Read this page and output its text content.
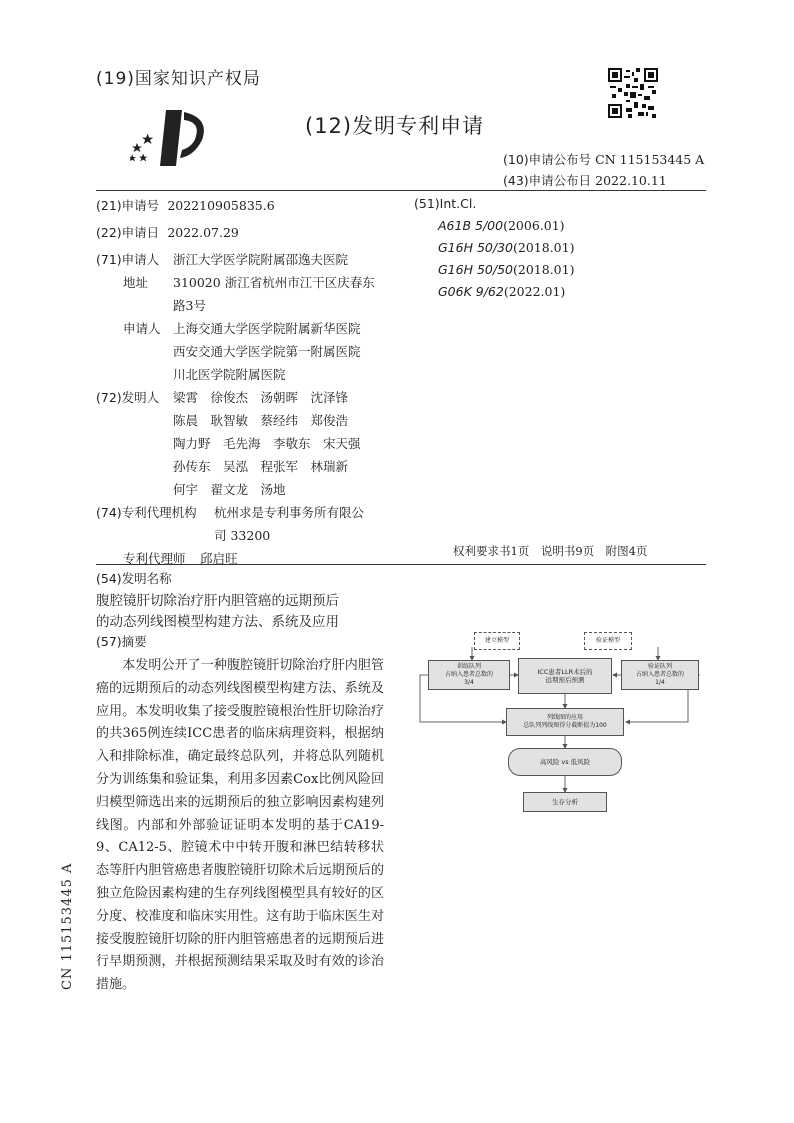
(19)国家知识产权局
(12)发明专利申请
(10)申请公布号 CN 115153445 A
(43)申请公布日 2022.10.11
(21)申请号 202210905835.6
(22)申请日 2022.07.29
(71)申请人 浙江大学医学院附属邵逸夫医院
地址 310020 浙江省杭州市江干区庆春东
路3号
申请人 上海交通大学医学院附属新华医院
西安交通大学医学院第一附属医院
川北医学院附属医院
(72)发明人 梁霄　徐俊杰　汤朝晖　沈泽锋
陈晨　耿智敏　蔡经纬　郑俊浩
陶力野　毛先海　李敬东　宋天强
孙传东　吴泓　程张军　林瑞新
何宇　翟文龙　汤地
(74)专利代理机构 杭州求是专利事务所有限公
司 33200
专利代理师 邱启旺
(51)Int.Cl.
A61B 5/00(2006.01)
G16H 50/30(2018.01)
G16H 50/50(2018.01)
G06K 9/62(2022.01)
权利要求书1页　说明书9页　附图4页
(54)发明名称
腹腔镜肝切除治疗肝内胆管癌的远期预后
的动态列线图模型构建方法、系统及应用
(57)摘要
　　本发明公开了一种腹腔镜肝切除治疗肝内胆管癌的远期预后的动态列线图模型构建方法、系统及应用。本发明收集了接受腹腔镜根治性肝切除治疗的共365例连续ICC患者的临床病理资料，根据纳入和排除标准，确定最终总队列，并将总队列随机分为训练集和验证集，利用多因素Cox比例风险回归模型筛选出来的远期预后的独立影响因素构建列线图。内部和外部验证证明本发明的基于CA19-9、CA12-5、腔镜术中中转开腹和淋巴结转移状态等肝内胆管癌患者腹腔镜肝切除术后远期预后的独立危险因素构建的生存列线图模型具有较好的区分度、校准度和临床实用性。这有助于临床医生对接受腹腔镜肝切除的肝内胆管癌患者的远期预后进行早期预测，并根据预测结果采取及时有效的诊治措施。
建立模型	验证模型
训练队列
占纳入患者总数的
3/4
ICC患者LLR术后的
远期预后预测
验证队列
占纳入患者总数的
1/4
列线图的应用
总队列列线图得分截断值为100
高风险 vs 低风险
生存分析
CN 115153445 A
